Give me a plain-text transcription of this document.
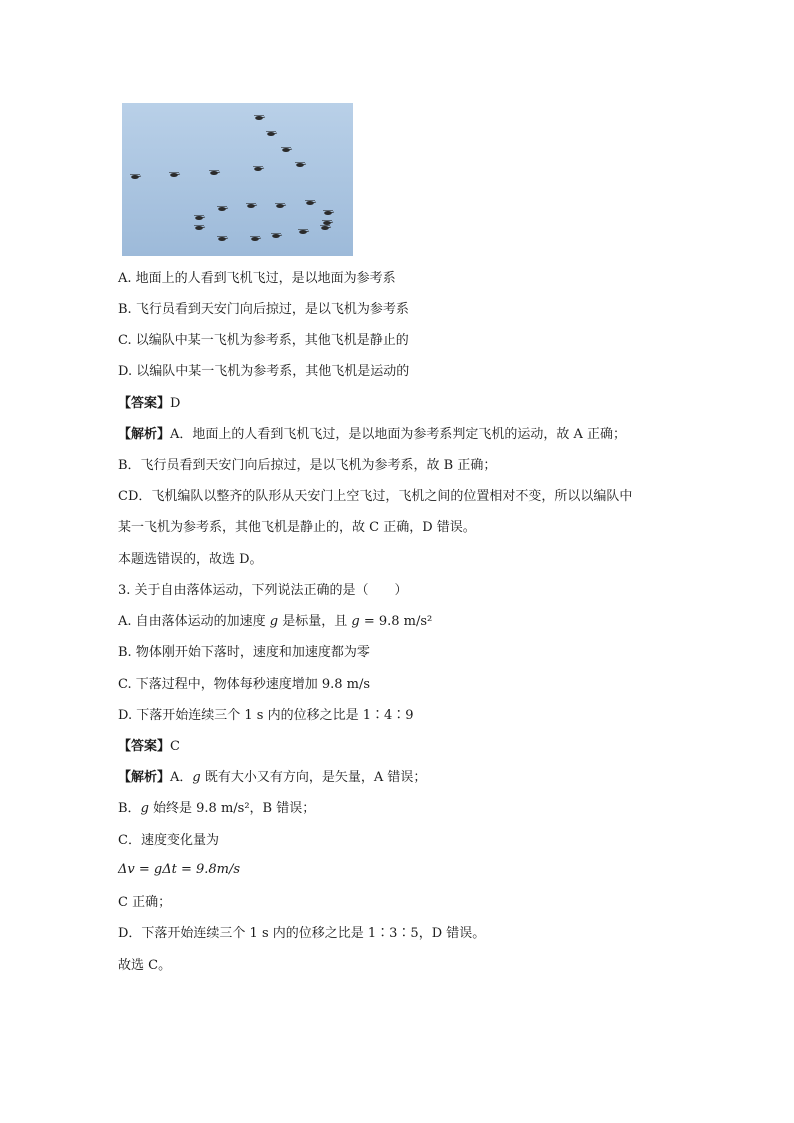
A. 地面上的人看到飞机飞过，是以地面为参考系
B. 飞行员看到天安门向后掠过，是以飞机为参考系
C. 以编队中某一飞机为参考系，其他飞机是静止的
D. 以编队中某一飞机为参考系，其他飞机是运动的
【答案】D
【解析】A．地面上的人看到飞机飞过，是以地面为参考系判定飞机的运动，故 A 正确；
B．飞行员看到天安门向后掠过，是以飞机为参考系，故 B 正确；
CD．飞机编队以整齐的队形从天安门上空飞过，飞机之间的位置相对不变，所以以编队中
某一飞机为参考系，其他飞机是静止的，故 C 正确，D 错误。
本题选错误的，故选 D。
3. 关于自由落体运动，下列说法正确的是（　　）
A. 自由落体运动的加速度 g 是标量，且 g = 9.8 m/s²
B. 物体刚开始下落时，速度和加速度都为零
C. 下落过程中，物体每秒速度增加 9.8 m/s
D. 下落开始连续三个 1 s 内的位移之比是 1∶4∶9
【答案】C
【解析】A．g 既有大小又有方向，是矢量，A 错误；
B．g 始终是 9.8 m/s²，B 错误；
C．速度变化量为
Δv = gΔt = 9.8m/s
C 正确；
D．下落开始连续三个 1 s 内的位移之比是 1∶3∶5，D 错误。
故选 C。
